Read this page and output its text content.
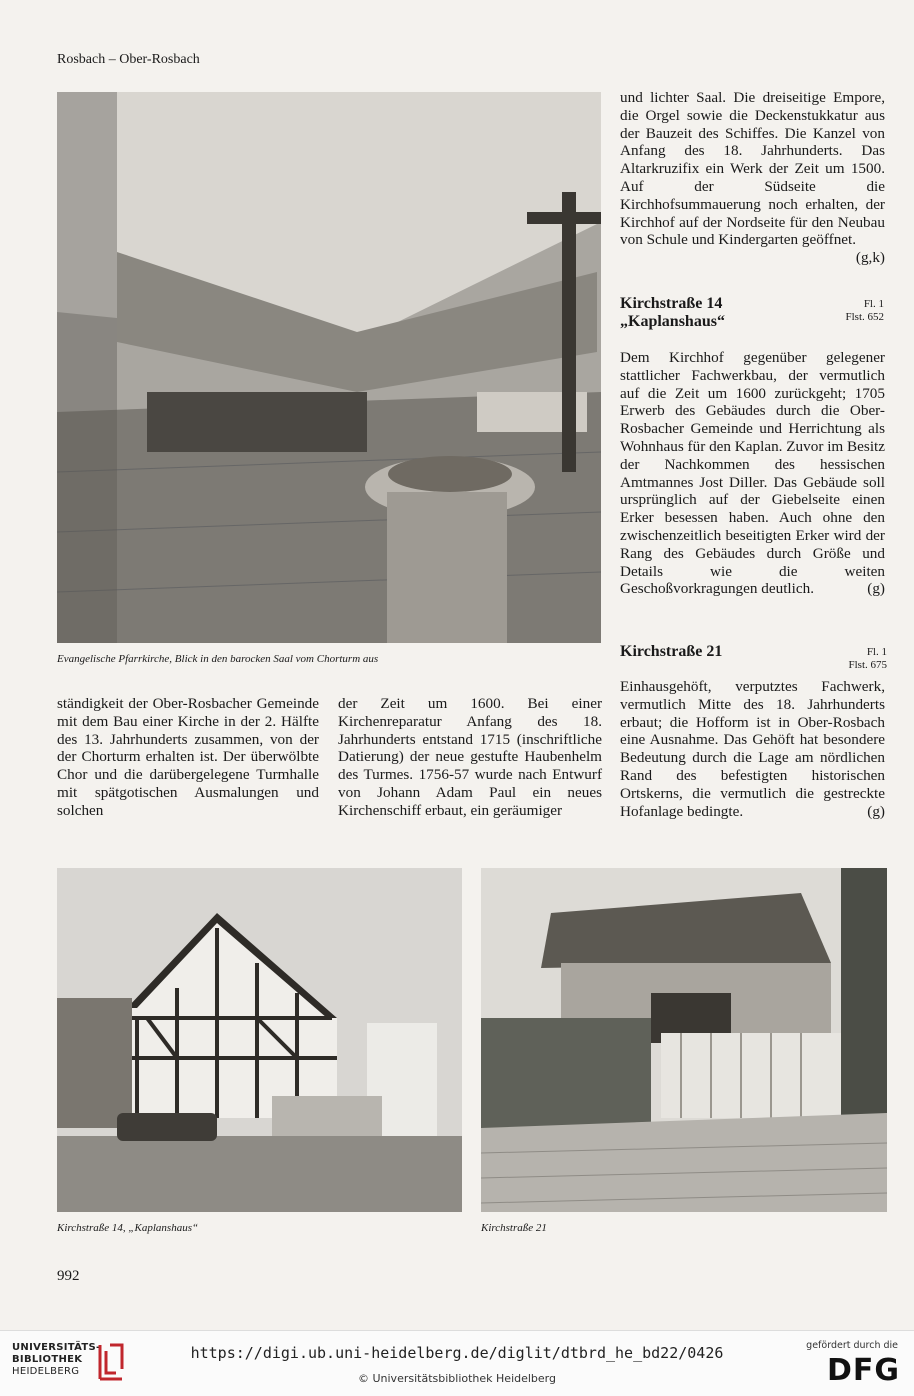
Rosbach – Ober-Rosbach
Evangelische Pfarrkirche, Blick in den barocken Saal vom Chorturm aus

ständigkeit der Ober-Rosbacher Gemeinde mit dem Bau einer Kirche in der 2. Hälfte des 13. Jahrhunderts zusammen, von der der Chorturm erhalten ist. Der überwölbte Chor und die darübergelegene Turmhalle mit spätgotischen Ausmalungen und solchen

der Zeit um 1600. Bei einer Kirchenreparatur Anfang des 18. Jahrhunderts entstand 1715 (inschriftliche Datierung) der neue gestufte Haubenhelm des Turmes. 1756-57 wurde nach Entwurf von Johann Adam Paul ein neues Kirchenschiff erbaut, ein geräumiger

und lichter Saal. Die dreiseitige Empore, die Orgel sowie die Deckenstukkatur aus der Bauzeit des Schiffes. Die Kanzel von Anfang des 18. Jahrhunderts. Das Altarkruzifix ein Werk der Zeit um 1500. Auf der Südseite die Kirchhofsummauerung noch erhalten, der Kirchhof auf der Nordseite für den Neubau von Schule und Kindergarten geöffnet.
(g,k)

Kirchstraße 14
„Kaplanshaus“
Fl. 1
Flst. 652

Dem Kirchhof gegenüber gelegener stattlicher Fachwerkbau, der vermutlich auf die Zeit um 1600 zurückgeht; 1705 Erwerb des Gebäudes durch die Ober-Rosbacher Gemeinde und Herrichtung als Wohnhaus für den Kaplan. Zuvor im Besitz der Nachkommen des hessischen Amtmannes Jost Diller. Das Gebäude soll ursprünglich auf der Giebelseite einen Erker besessen haben. Auch ohne den zwischenzeitlich beseitigten Erker wird der Rang des Gebäudes durch Größe und Details wie die weiten Geschoßvorkragungen deutlich.	(g)

Kirchstraße 21	Fl. 1
Flst. 675

Einhausgehöft, verputztes Fachwerk, vermutlich Mitte des 18. Jahrhunderts erbaut; die Hofform ist in Ober-Rosbach eine Ausnahme. Das Gehöft hat besondere Bedeutung durch die Lage am nördlichen Rand des befestigten historischen Ortskerns, die vermutlich die gestreckte Hofanlage bedingte.	(g)

Kirchstraße 14, „Kaplanshaus“	Kirchstraße 21
992
UNIVERSITÄTS-
BIBLIOTHEK
HEIDELBERG
https://digi.ub.uni-heidelberg.de/diglit/dtbrd_he_bd22/0426
© Universitätsbibliothek Heidelberg
gefördert durch die
DFG
